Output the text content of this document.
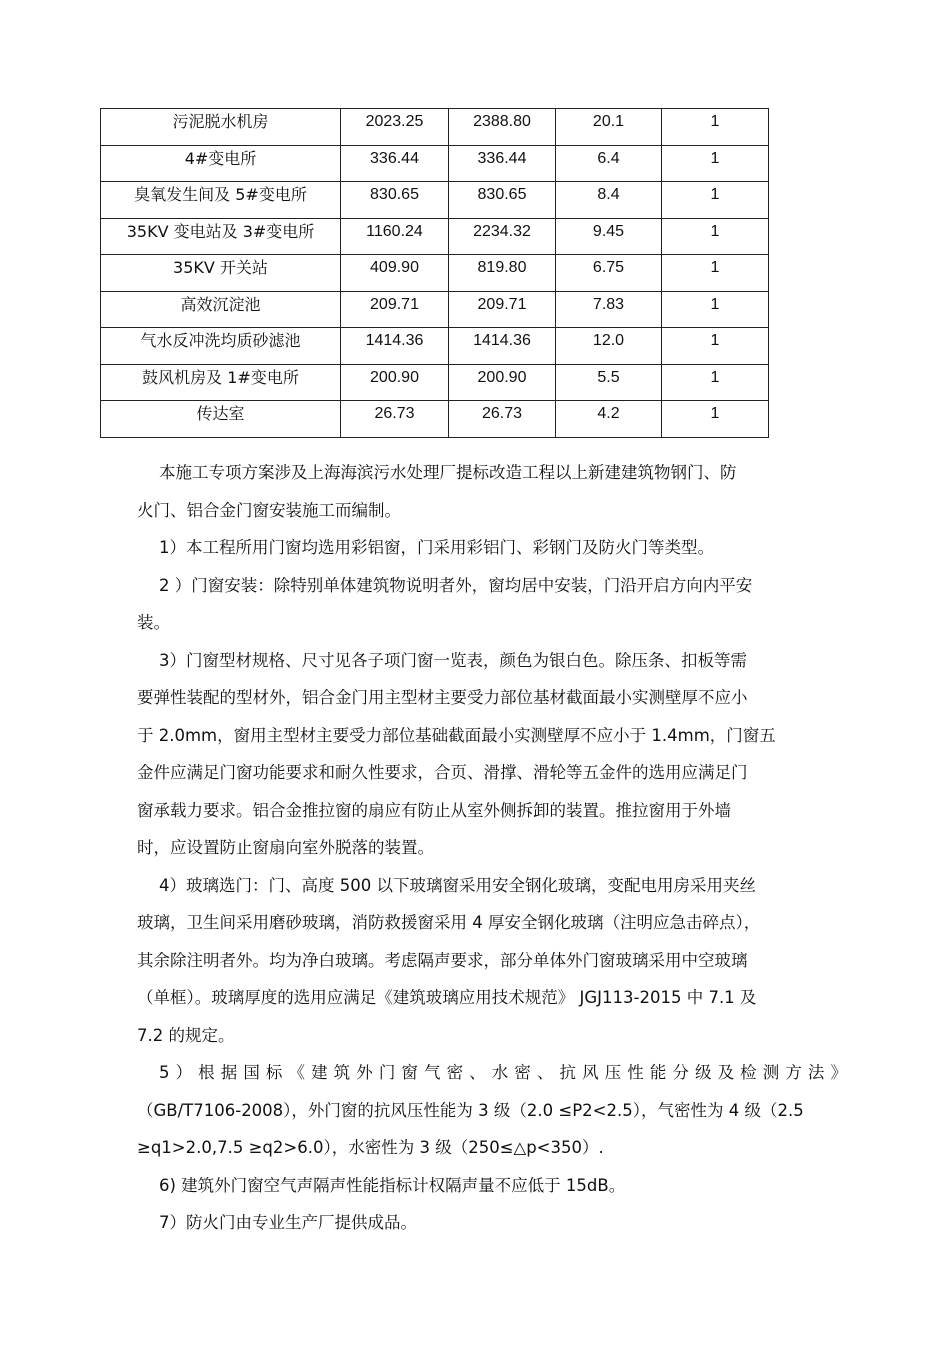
污泥脱水机房	2023.25	2388.80	20.1	1
4#变电所	336.44	336.44	6.4	1
臭氧发生间及 5#变电所	830.65	830.65	8.4	1
35KV 变电站及 3#变电所	1160.24	2234.32	9.45	1
35KV 开关站	409.90	819.80	6.75	1
高效沉淀池	209.71	209.71	7.83	1
气水反冲洗均质砂滤池	1414.36	1414.36	12.0	1
鼓风机房及 1#变电所	200.90	200.90	5.5	1
传达室	26.73	26.73	4.2	1
本施工专项方案涉及上海海滨污水处理厂提标改造工程以上新建建筑物钢门、防
火门、铝合金门窗安装施工而编制。
1）本工程所用门窗均选用彩铝窗，门采用彩铝门、彩钢门及防火门等类型。
2 ）门窗安装：除特别单体建筑物说明者外，窗均居中安装，门沿开启方向内平安
装。
3）门窗型材规格、尺寸见各子项门窗一览表，颜色为银白色。除压条、扣板等需
要弹性装配的型材外，铝合金门用主型材主要受力部位基材截面最小实测壁厚不应小
于 2.0mm，窗用主型材主要受力部位基础截面最小实测壁厚不应小于 1.4mm，门窗五
金件应满足门窗功能要求和耐久性要求，合页、滑撑、滑轮等五金件的选用应满足门
窗承载力要求。铝合金推拉窗的扇应有防止从室外侧拆卸的装置。推拉窗用于外墙
时，应设置防止窗扇向室外脱落的装置。
4）玻璃选门：门、高度 500 以下玻璃窗采用安全钢化玻璃，变配电用房采用夹丝
玻璃，卫生间采用磨砂玻璃，消防救援窗采用 4 厚安全钢化玻璃（注明应急击碎点），
其余除注明者外。均为净白玻璃。考虑隔声要求，部分单体外门窗玻璃采用中空玻璃
（单框）。玻璃厚度的选用应满足《建筑玻璃应用技术规范》 JGJ113-2015 中 7.1 及
7.2 的规定。
5）根据国标《建筑外门窗气密、水密、抗风压性能分级及检测方法》
（GB/T7106-2008），外门窗的抗风压性能为 3 级（2.0 ≤P2<2.5），气密性为 4 级（2.5
≥q1>2.0,7.5 ≥q2>6.0），水密性为 3 级（250≤△p<350）.
6) 建筑外门窗空气声隔声性能指标计权隔声量不应低于 15dB。
7）防火门由专业生产厂提供成品。
